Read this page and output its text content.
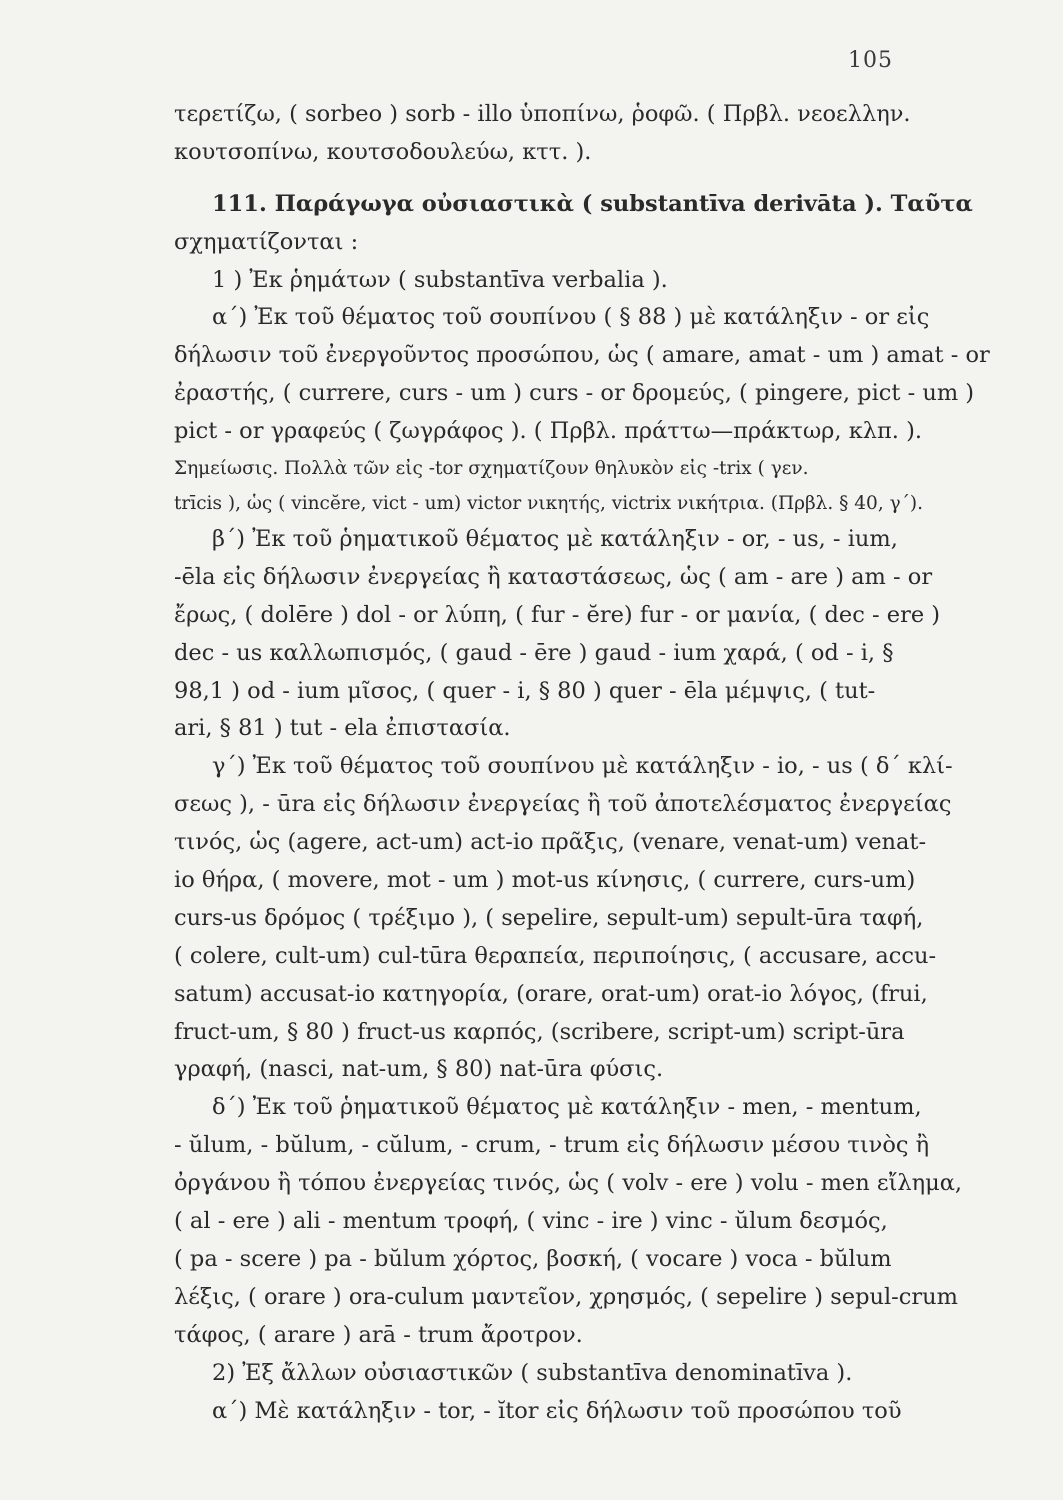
105
τερετίζω, ( sorbeo ) sorb - illo ὑποπίνω, ῥοφῶ. ( Πρβλ. νεοελλην.
κουτσοπίνω, κουτσοδουλεύω, κττ. ).
111. Παράγωγα οὐσιαστικὰ ( substantīva derivāta ). Ταῦτα
σχηματίζονται :
1 ) Ἐκ ῥημάτων ( substantīva verbalia ).
α΄) Ἐκ τοῦ θέματος τοῦ σουπίνου ( § 88 ) μὲ κατάληξιν - or εἰς
δήλωσιν τοῦ ἐνεργοῦντος προσώπου, ὡς ( amare, amat - um ) amat - or
ἐραστής, ( currere, curs - um ) curs - or δρομεύς, ( pingere, pict - um )
pict - or γραφεύς ( ζωγράφος ). ( Πρβλ. πράττω—πράκτωρ, κλπ. ).
Σημείωσις. Πολλὰ τῶν εἰς -tor σχηματίζουν θηλυκὸν εἰς -trix ( γεν.
trīcis ), ὡς ( vincĕre, vict - um) victor νικητής, victrix νικήτρια. (Πρβλ. § 40, γ΄).
β΄) Ἐκ τοῦ ῥηματικοῦ θέματος μὲ κατάληξιν - or, - us, - ium,
-ēla εἰς δήλωσιν ἐνεργείας ἢ καταστάσεως, ὡς ( am - are ) am - or
ἔρως, ( dolēre ) dol - or λύπη, ( fur - ĕre) fur - or μανία, ( dec - ere )
dec - us καλλωπισμός, ( gaud - ēre ) gaud - ium χαρά, ( od - i, §
98,1 ) od - ium μῖσος, ( quer - i, § 80 ) quer - ēla μέμψις, ( tut-
ari, § 81 ) tut - ela ἐπιστασία.
γ΄) Ἐκ τοῦ θέματος τοῦ σουπίνου μὲ κατάληξιν - io, - us ( δ΄ κλί-
σεως ), - ūra εἰς δήλωσιν ἐνεργείας ἢ τοῦ ἀποτελέσματος ἐνεργείας
τινός, ὡς (agere, act-um) act-io πρᾶξις, (venare, venat-um) venat-
io θήρα, ( movere, mot - um ) mot-us κίνησις, ( currere, curs-um)
curs-us δρόμος ( τρέξιμο ), ( sepelire, sepult-um) sepult-ūra ταφή,
( colere, cult-um) cul-tūra θεραπεία, περιποίησις, ( accusare, accu-
satum) accusat-io κατηγορία, (orare, orat-um) orat-io λόγος, (frui,
fruct-um, § 80 ) fruct-us καρπός, (scribere, script-um) script-ūra
γραφή, (nasci, nat-um, § 80) nat-ūra φύσις.
δ΄) Ἐκ τοῦ ῥηματικοῦ θέματος μὲ κατάληξιν - men, - mentum,
- ŭlum, - bŭlum, - cŭlum, - crum, - trum εἰς δήλωσιν μέσου τινὸς ἢ
ὀργάνου ἢ τόπου ἐνεργείας τινός, ὡς ( volv - ere ) volu - men εἴλημα,
( al - ere ) ali - mentum τροφή, ( vinc - ire ) vinc - ŭlum δεσμός,
( pa - scere ) pa - bŭlum χόρτος, βοσκή, ( vocare ) voca - bŭlum
λέξις, ( orare ) ora-culum μαντεῖον, χρησμός, ( sepelire ) sepul-crum
τάφος, ( arare ) arā - trum ἄροτρον.
2) Ἐξ ἄλλων οὐσιαστικῶν ( substantīva denominatīva ).
α΄) Μὲ κατάληξιν - tor, - ĭtor εἰς δήλωσιν τοῦ προσώπου τοῦ
